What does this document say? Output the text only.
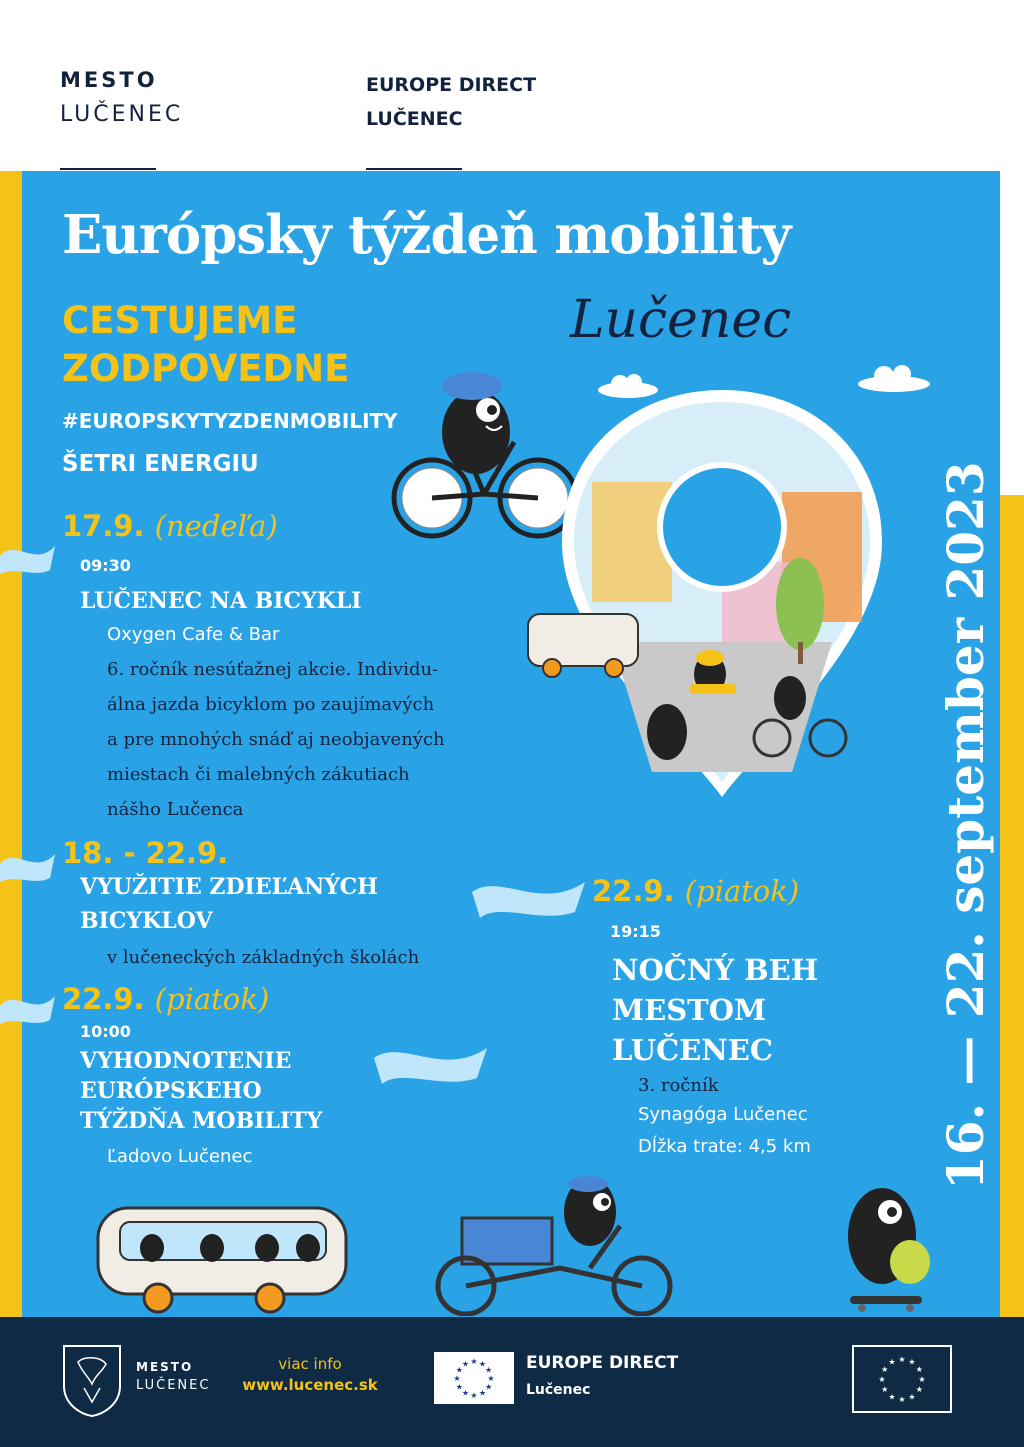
MESTO
LUČENEC
EUROPE DIRECT
LUČENEC
Európsky týždeň mobility
Lučenec
CESTUJEME
ZODPOVEDNE
#EUROPSKYTYZDENMOBILITY
ŠETRI ENERGIU
17.9. (nedeľa)
09:30
LUČENEC NA BICYKLI
Oxygen Cafe & Bar
6. ročník nesúťažnej akcie. Individu-
álna jazda bicyklom po zaujímavých
a pre mnohých snáď aj neobjavených
miestach či malebných zákutiach
nášho Lučenca
18. - 22.9.
VYUŽITIE ZDIEĽANÝCH
BICYKLOV
v lučeneckých základných školách
22.9. (piatok)
10:00
VYHODNOTENIE
EURÓPSKEHO
TÝŽDŇA MOBILITY
Ľadovo Lučenec
22.9. (piatok)
19:15
NOČNÝ BEH
MESTOM
LUČENEC
3. ročník
Synagóga Lučenec
Dĺžka trate: 4,5 km	16. — 22. september 2023
MESTO
LUČENEC
viac info
www.lucenec.sk
★ ★
★
★
★
★
★
★
★
★
★
★	EUROPE DIRECT
Lučenec
★ ★
★
★
★
★
★
★
★
★
★
★
